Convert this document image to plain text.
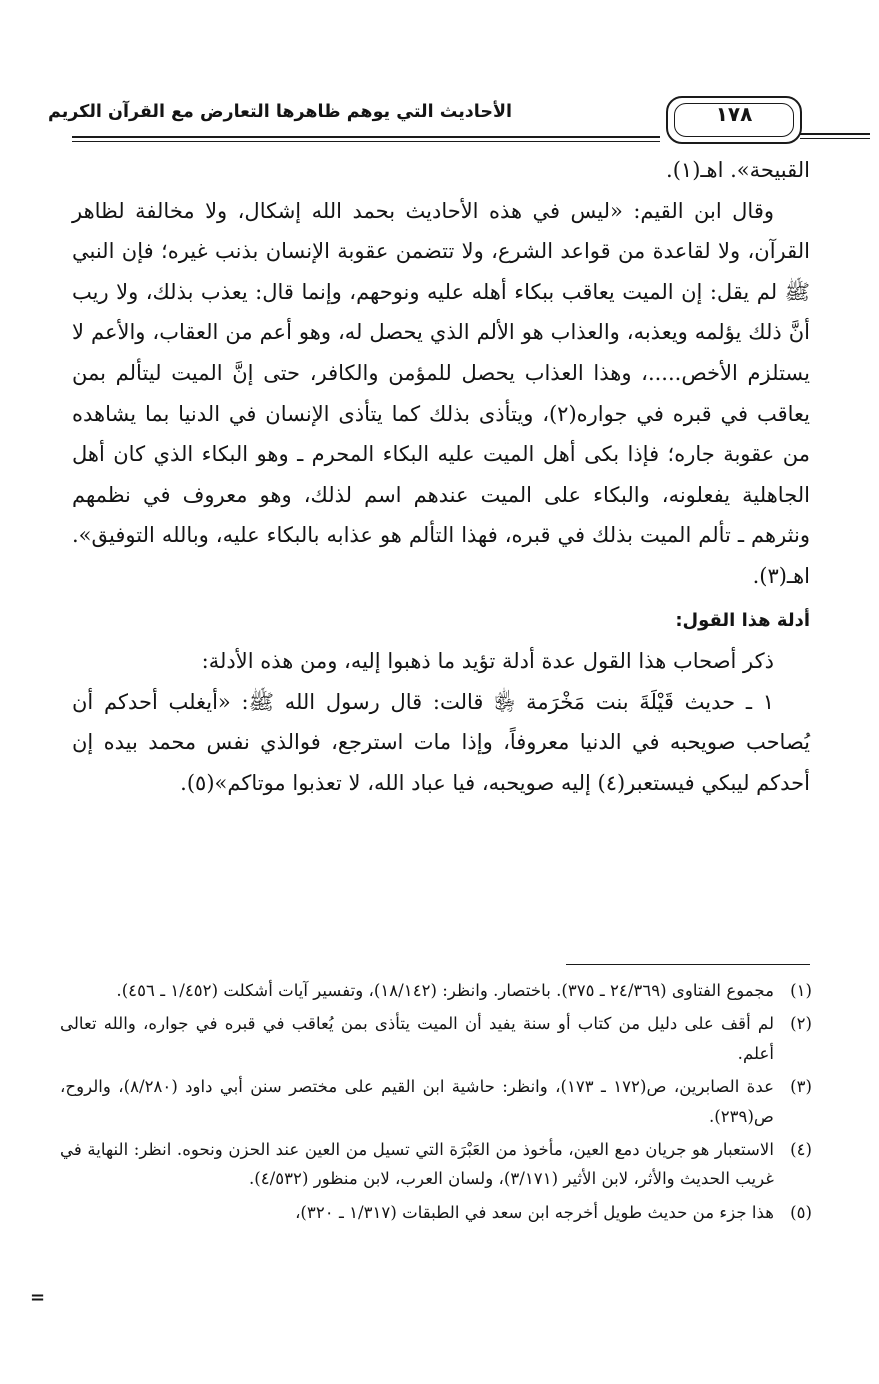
الأحاديث التي يوهم ظاهرها التعارض مع القرآن الكريم	١٧٨

القبيحة». اهـ(١).

وقال ابن القيم: «ليس في هذه الأحاديث بحمد الله إشكال، ولا مخالفة لظاهر القرآن، ولا لقاعدة من قواعد الشرع، ولا تتضمن عقوبة الإنسان بذنب غيره؛ فإن النبي ﷺ لم يقل: إن الميت يعاقب ببكاء أهله عليه ونوحهم، وإنما قال: يعذب بذلك، ولا ريب أنَّ ذلك يؤلمه ويعذبه، والعذاب هو الألم الذي يحصل له، وهو أعم من العقاب، والأعم لا يستلزم الأخص.....، وهذا العذاب يحصل للمؤمن والكافر، حتى إنَّ الميت ليتألم بمن يعاقب في قبره في جواره(٢)، ويتأذى بذلك كما يتأذى الإنسان في الدنيا بما يشاهده من عقوبة جاره؛ فإذا بكى أهل الميت عليه البكاء المحرم ـ وهو البكاء الذي كان أهل الجاهلية يفعلونه، والبكاء على الميت عندهم اسم لذلك، وهو معروف في نظمهم ونثرهم ـ تألم الميت بذلك في قبره، فهذا التألم هو عذابه بالبكاء عليه، وبالله التوفيق». اهـ(٣).

أدلة هذا القول:

ذكر أصحاب هذا القول عدة أدلة تؤيد ما ذهبوا إليه، ومن هذه الأدلة:

١ ـ حديث قَيْلَةَ بنت مَخْرَمة ﵂ قالت: قال رسول الله ﷺ: «أيغلب أحدكم أن يُصاحب صويحبه في الدنيا معروفاً، وإذا مات استرجع، فوالذي نفس محمد بيده إن أحدكم ليبكي فيستعبر(٤) إليه صويحبه، فيا عباد الله، لا تعذبوا موتاكم»(٥).

(١)
مجموع الفتاوى (٢٤/٣٦٩ ـ ٣٧٥). باختصار. وانظر: (١٨/١٤٢)، وتفسير آيات أشكلت (١/٤٥٢ ـ ٤٥٦).
(٢)
لم أقف على دليل من كتاب أو سنة يفيد أن الميت يتأذى بمن يُعاقب في قبره في جواره، والله تعالى أعلم.
(٣)
عدة الصابرين، ص(١٧٢ ـ ١٧٣)، وانظر: حاشية ابن القيم على مختصر سنن أبي داود (٨/٢٨٠)، والروح، ص(٢٣٩).
(٤)
الاستعبار هو جريان دمع العين، مأخوذ من العَبْرَة التي تسيل من العين عند الحزن ونحوه. انظر: النهاية في غريب الحديث والأثر، لابن الأثير (٣/١٧١)، ولسان العرب، لابن منظور (٤/٥٣٢).
(٥)
هذا جزء من حديث طويل أخرجه ابن سعد في الطبقات (١/٣١٧ ـ ٣٢٠)،
=
